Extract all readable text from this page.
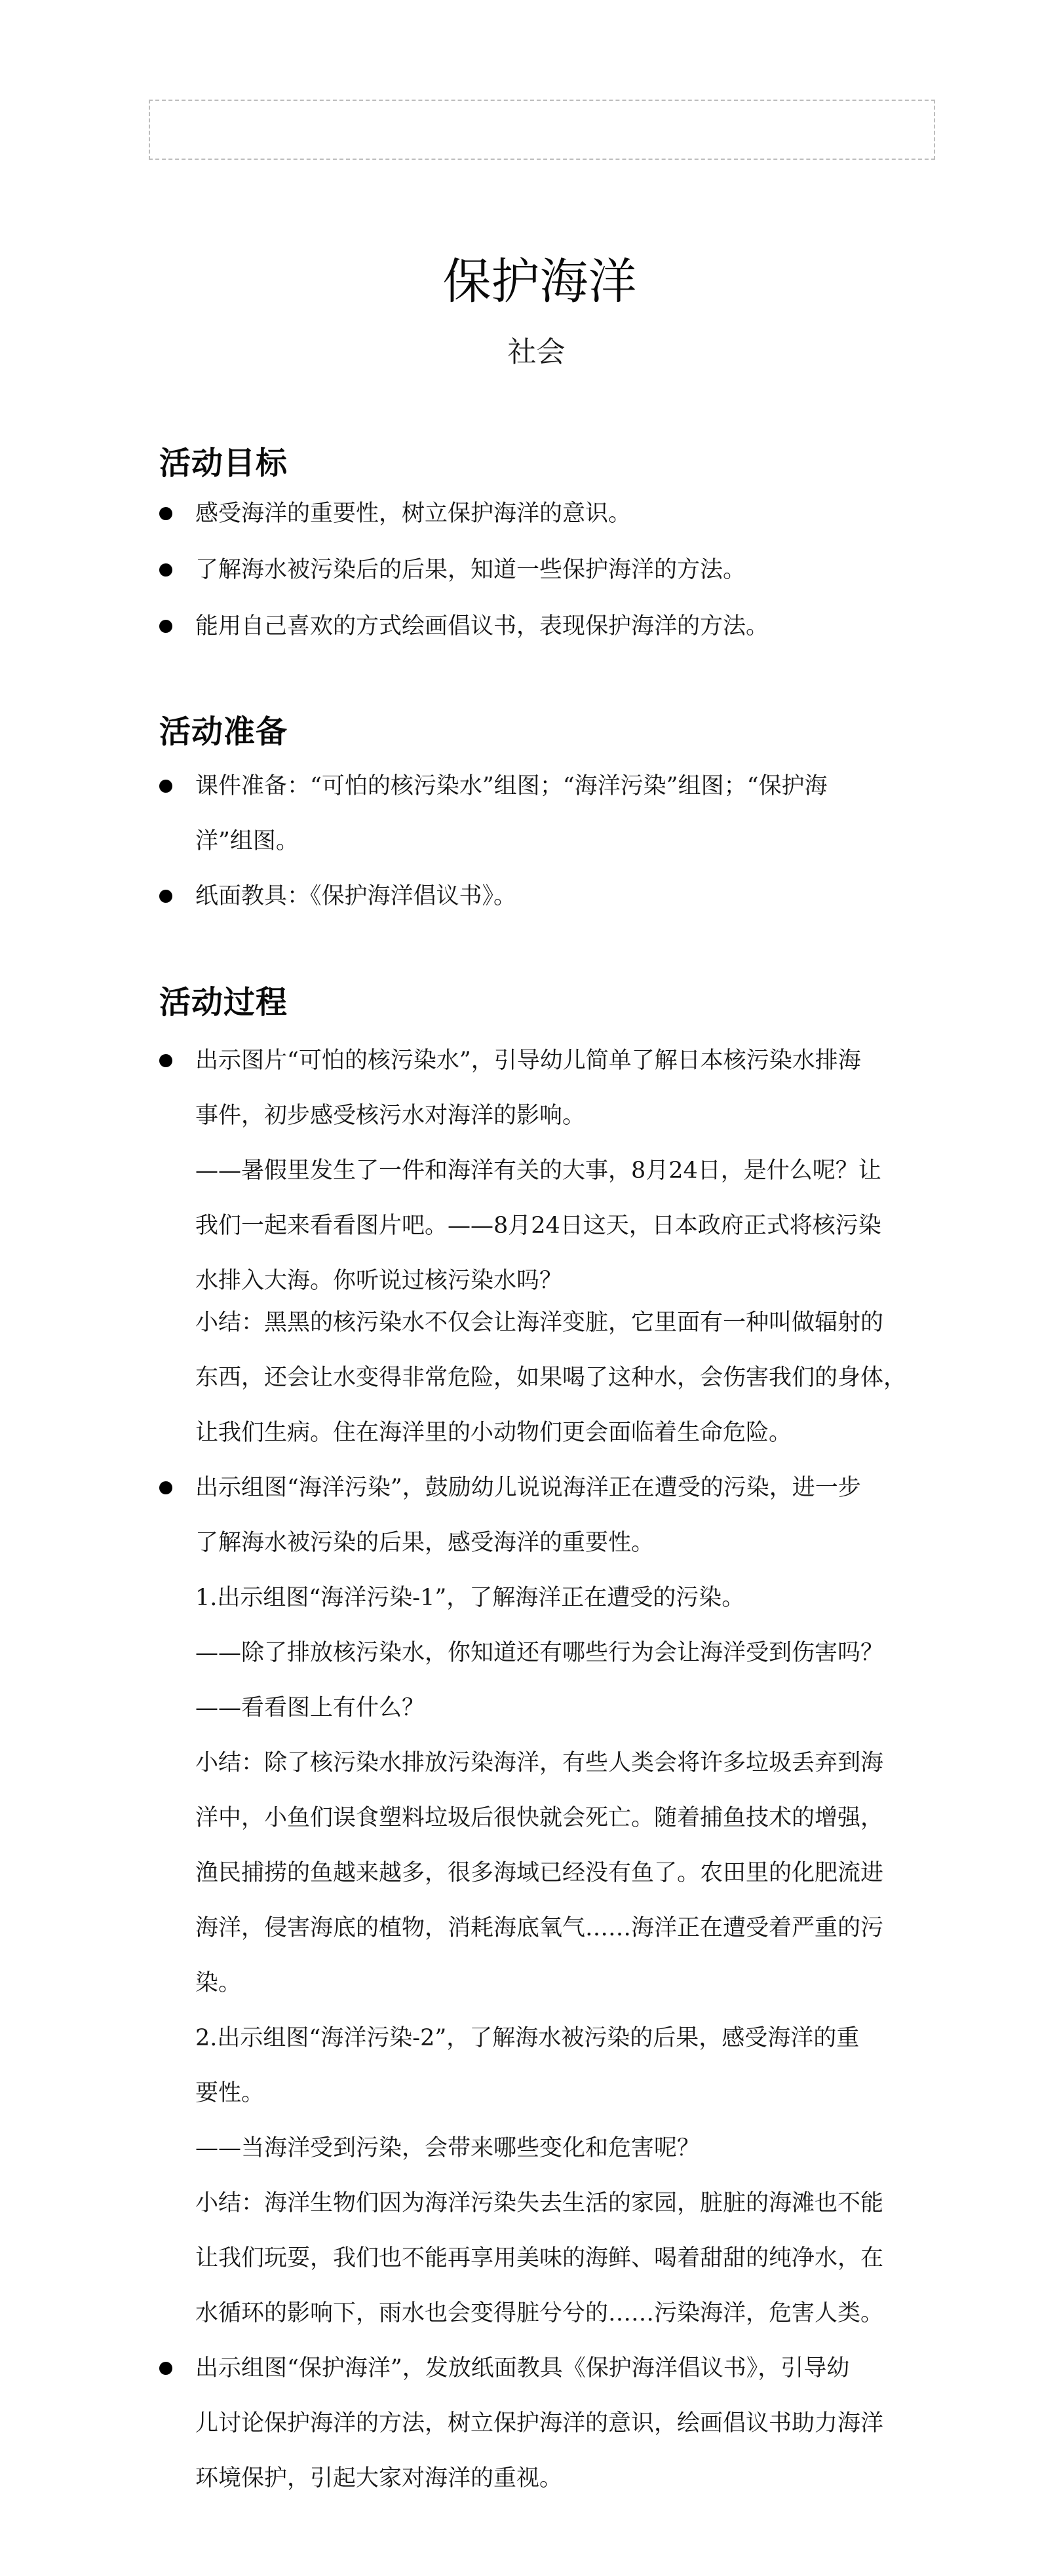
保护海洋
社会
活动目标
感受海洋的重要性，树立保护海洋的意识。
了解海水被污染后的后果，知道一些保护海洋的方法。
能用自己喜欢的方式绘画倡议书，表现保护海洋的方法。
活动准备
课件准备：“可怕的核污染水”组图；“海洋污染”组图；“保护海
洋”组图。
纸面教具：《保护海洋倡议书》。
活动过程
出示图片“可怕的核污染水”，引导幼儿简单了解日本核污染水排海
事件，初步感受核污水对海洋的影响。
——暑假里发生了一件和海洋有关的大事，8月24日，是什么呢？让
我们一起来看看图片吧。——8月24日这天，日本政府正式将核污染
水排入大海。你听说过核污染水吗？
小结：黑黑的核污染水不仅会让海洋变脏，它里面有一种叫做辐射的
东西，还会让水变得非常危险，如果喝了这种水，会伤害我们的身体，
让我们生病。住在海洋里的小动物们更会面临着生命危险。
出示组图“海洋污染”，鼓励幼儿说说海洋正在遭受的污染，进一步
了解海水被污染的后果，感受海洋的重要性。
1.出示组图“海洋污染-1”，了解海洋正在遭受的污染。
——除了排放核污染水，你知道还有哪些行为会让海洋受到伤害吗？
——看看图上有什么？
小结：除了核污染水排放污染海洋，有些人类会将许多垃圾丢弃到海
洋中，小鱼们误食塑料垃圾后很快就会死亡。随着捕鱼技术的增强，
渔民捕捞的鱼越来越多，很多海域已经没有鱼了。农田里的化肥流进
海洋，侵害海底的植物，消耗海底氧气……海洋正在遭受着严重的污
染。
2.出示组图“海洋污染-2”，了解海水被污染的后果，感受海洋的重
要性。
——当海洋受到污染，会带来哪些变化和危害呢？
小结：海洋生物们因为海洋污染失去生活的家园，脏脏的海滩也不能
让我们玩耍，我们也不能再享用美味的海鲜、喝着甜甜的纯净水，在
水循环的影响下，雨水也会变得脏兮兮的……污染海洋，危害人类。
出示组图“保护海洋”，发放纸面教具《保护海洋倡议书》，引导幼
儿讨论保护海洋的方法，树立保护海洋的意识，绘画倡议书助力海洋
环境保护，引起大家对海洋的重视。
